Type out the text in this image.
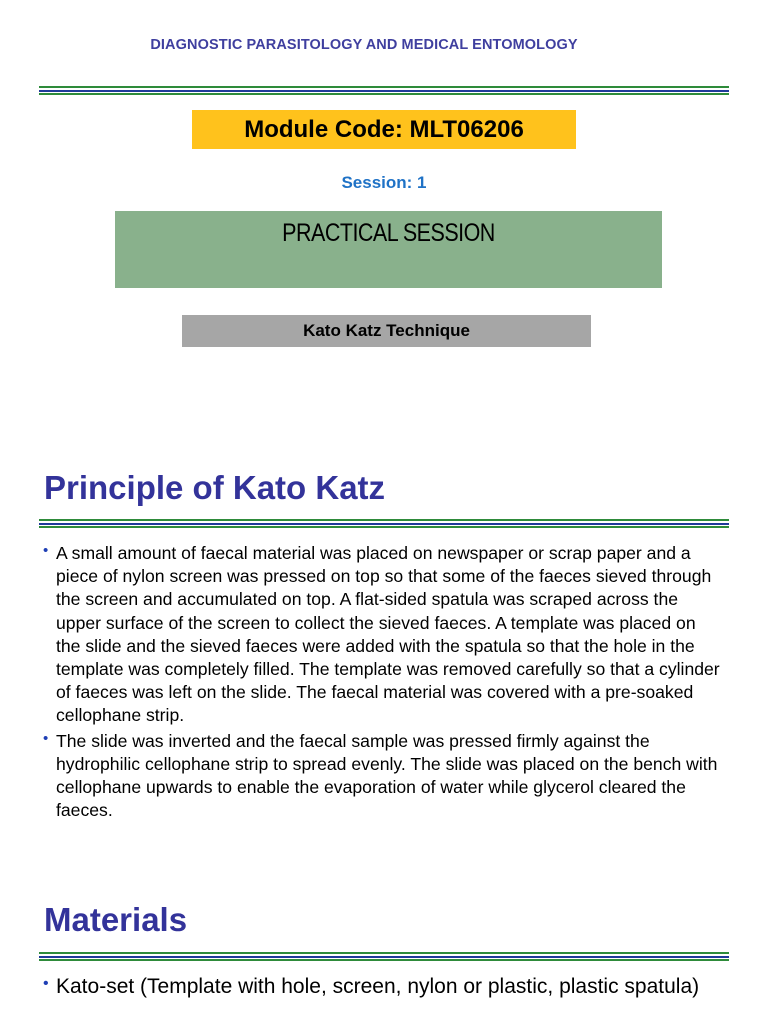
DIAGNOSTIC PARASITOLOGY AND MEDICAL ENTOMOLOGY
Module Code: MLT06206
Session: 1
PRACTICAL SESSION
Kato Katz Technique
Principle of Kato Katz
• A small amount of faecal material was placed on newspaper or scrap paper and a piece of nylon screen was pressed on top so that some of the faeces sieved through the screen and accumulated on top. A flat-sided spatula was scraped across the upper surface of the screen to collect the sieved faeces. A template was placed on the slide and the sieved faeces were added with the spatula so that the hole in the template was completely filled. The template was removed carefully so that a cylinder of faeces was left on the slide. The faecal material was covered with a pre-soaked cellophane strip.
• The slide was inverted and the faecal sample was pressed firmly against the hydrophilic cellophane strip to spread evenly. The slide was placed on the bench with cellophane upwards to enable the evaporation of water while glycerol cleared the faeces.
Materials
• Kato-set (Template with hole, screen, nylon or plastic, plastic spatula)
